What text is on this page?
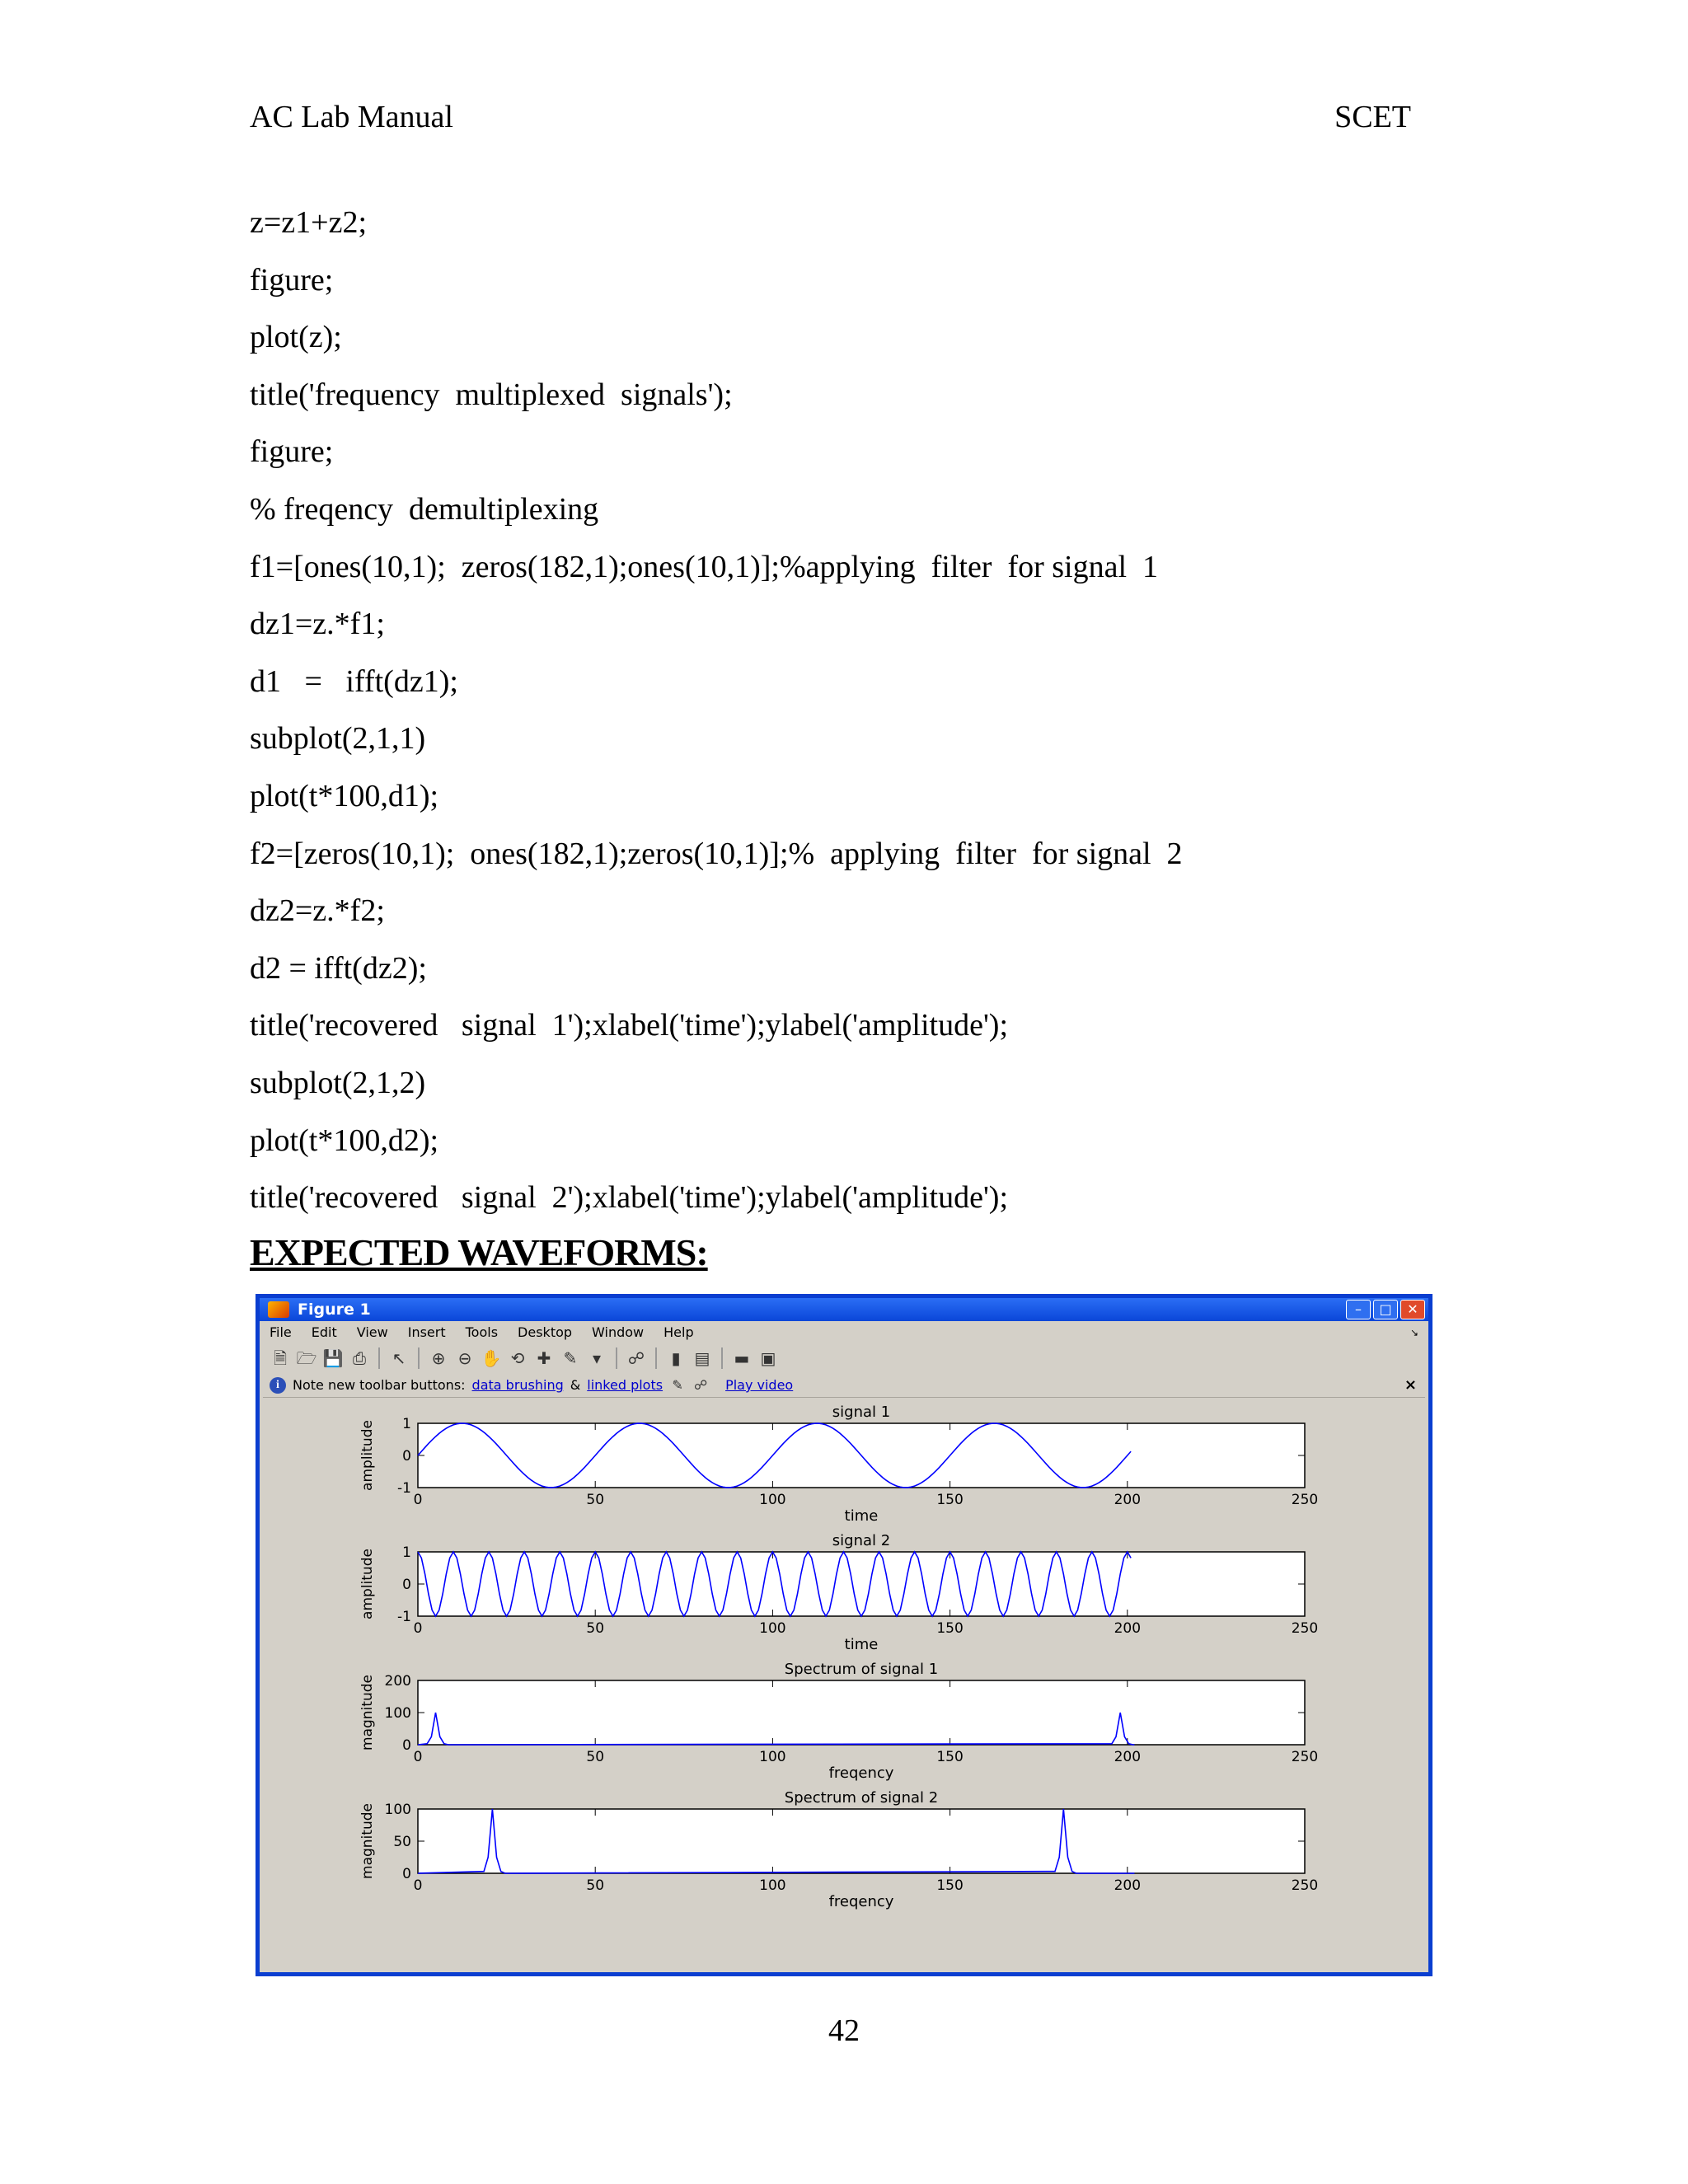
AC Lab Manual	SCET
z=z1+z2;
figure;
plot(z);
title('frequency  multiplexed  signals');
figure;
% freqency  demultiplexing
f1=[ones(10,1);  zeros(182,1);ones(10,1)];%applying  filter  for signal  1
dz1=z.*f1;
d1   =   ifft(dz1);
subplot(2,1,1)
plot(t*100,d1);
f2=[zeros(10,1);  ones(182,1);zeros(10,1)];%  applying  filter  for signal  2
dz2=z.*f2;
d2 = ifft(dz2);
title('recovered   signal  1');xlabel('time');ylabel('amplitude');
subplot(2,1,2)
plot(t*100,d2);
title('recovered   signal  2');xlabel('time');ylabel('amplitude');
EXPECTED WAVEFORMS:
Figure 1	–	□	✕
File Edit View Insert Tools Desktop Window Help	↘
🗎 🗁 💾 ⎙ ↖ ⊕ ⊖ ✋ ⟲ ✚ ✎ ▾	☍	▮ ▤ ▬ ▣
i	Note new toolbar buttons: data brushing & linked plots ✎ ☍ Play video	×
0	50	100	150	200	250
-1
0
1
signal 1
time
amplitude
0	50	100	150	200	250
-1
0
1
signal 2
time
amplitude
0	50	100	150	200	250
0
100
200
Spectrum of signal 1
freqency
magnitude
0	50	100	150	200	250
0
50
100
Spectrum of signal 2
freqency
magnitude
42
